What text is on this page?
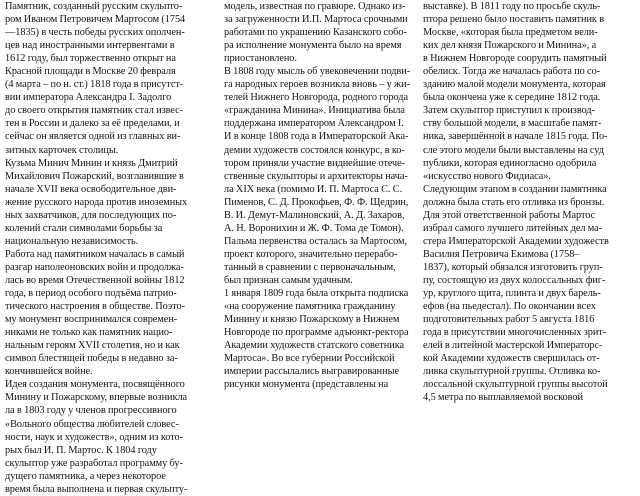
Памятник, созданный русским скульпто-
ром Иваном Петровичем Мартосом (1754
—1835) в честь победы русских ополчен-
цев над иностранными интервентами в
1612 году, был торжественно открыт на
Красной площади в Москве 20 февраля
(4 марта – по н. ст.) 1818 года в присутст-
вии императора Александра I. Задолго
до своего открытия памятник стал извес-
тен в России и далеко за её пределами, и
сейчас он является одной из главных ви-
зитных карточек столицы.

Кузьма Минич Минин и князь Дмитрий
Михайлович Пожарский, возглавившие в
начале XVII века освободительное дви-
жение русского народа против иноземных
ных захватчиков, для последующих по-
колений стали символами борьбы за
национальную независимость.

Работа над памятником началась в самый
разгар наполеоновских войн и продолжа-
лась во время Отечественной войны 1812
года, в период особого подъёма патрио-
тического настроения в обществе. Поэто-
му монумент воспринимался современ-
никами не только как памятник нацио-
нальным героям XVII столетия, но и как
символ блестящей победы в недавно за-
кончившейся войне.

Идея создания монумента, посвящённого
Минину и Пожарскому, впервые возникла
ла в 1803 году у членов прогрессивного
«Вольного общества любителей словес-
ности, наук и художеств», одним из кото-
рых был И. П. Мартос. К 1804 году
скульптор уже разработал программу бу-
дущего памятника, а через некоторое
время была выполнена и первая скульпту-

модель, известная по гравюре. Однако из-
за загруженности И.П. Мартоса срочными
работами по украшению Казанского собо-
ра исполнение монумента было на время
приостановлено.

В 1808 году мысль об увековечении подви-
га народных героев возникла вновь – у жи-
телей Нижнего Новгорода, родного города
«гражданина Минина». Инициатива была
поддержана императором Александром I.
И в конце 1808 года в Императорской Ака-
демии художеств состоялся конкурс, в ко-
тором приняли участие виднейшие отече-
ственные скульпторы и архитекторы нача-
ла XIX века (помимо И. П. Мартоса С. С.
Пименов, С. Д. Прокофьев, Ф. Ф. Щедрин,
В. И. Демут-Малиновский, А. Д. Захаров,
А. Н. Воронихин и Ж. Ф. Тома де Томон).
Пальма первенства осталась за Мартосом,
проект которого, значительно перерабо-
танный в сравнении с первоначальным,
был признан самым удачным.

1 января 1809 года была открыта подписка
«на сооружение памятника гражданину
Минину и князю Пожарскому в Нижнем
Новгороде по программе адъюнкт-ректора
Академии художеств статского советника
Мартоса». Во все губернии Российской
империи рассылались выгравированные
рисунки монумента (представлены на

выставке). В 1811 году по просьбе скуль-
птора решено было поставить памятник в
Москве, «которая была предметом вели-
ких дел князя Пожарского и Минина», а
в Нижнем Новгороде соорудить памятный
обелиск. Тогда же началась работа по со-
зданию малой модели монумента, которая
была окончена уже к середине 1812 года.
Затем скульптор приступил к производ-
ству большой модели, в масштабе памят-
ника, завершённой в начале 1815 года. По-
сле этого модели были выставлены на суд
публики, которая единогласно одобрила
«искусство нового Фидиаса».

Следующим этапом в создании памятника
должна была стать его отливка из бронзы.
Для этой ответственной работы Мартос
избрал самого лучшего литейных дел ма-
стера Императорской Академии художеств
Василия Петровича Екимова (1758–
1837), который обязался изготовить груп-
пу, состоящую из двух колоссальных фиг-
ур, круглого щита, плинта и двух барель-
ефов (на пьедестал). По окончании всех
подготовительных работ 5 августа 1816
года в присутствии многочисленных зрит-
елей в литейной мастерской Императорс-
кой Академии художеств свершилась от-
ливка скульптурной группы. Отливка ко-
лоссальной скульптурной группы высотой
4,5 метра по выплавляемой восковой
